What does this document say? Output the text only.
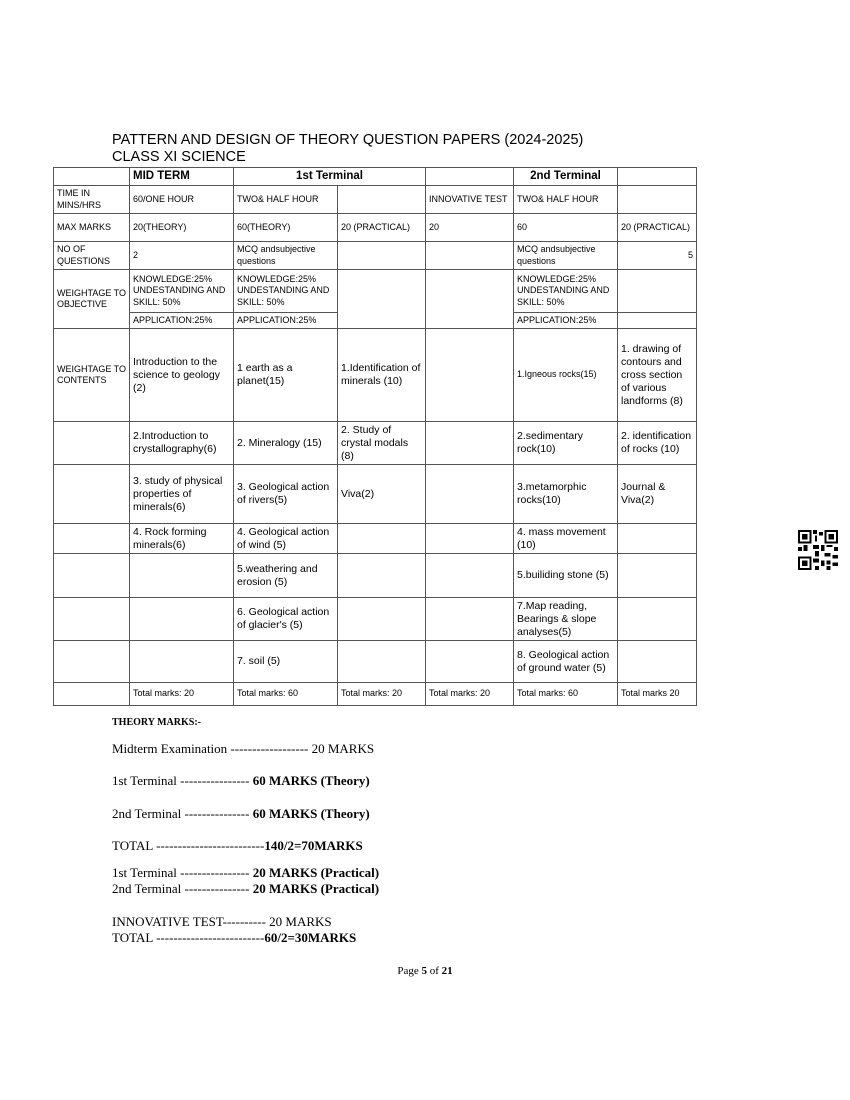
PATTERN AND DESIGN OF THEORY QUESTION PAPERS (2024-2025)
CLASS XI SCIENCE
	MID TERM	1st Terminal			2nd Terminal	
TIME IN MINS/HRS	60/ONE HOUR	TWO& HALF HOUR		INNOVATIVE TEST	TWO& HALF HOUR	
MAX MARKS	20(THEORY)	60(THEORY)	20 (PRACTICAL)	20	60	20 (PRACTICAL)
NO OF QUESTIONS	2	MCQ andsubjective questions			MCQ andsubjective questions	5
WEIGHTAGE TO OBJECTIVE	KNOWLEDGE:25% UNDESTANDING AND SKILL: 50%	KNOWLEDGE:25% UNDESTANDING AND SKILL: 50%			KNOWLEDGE:25% UNDESTANDING AND SKILL: 50%	
	APPLICATION:25%	APPLICATION:25%			APPLICATION:25%	
WEIGHTAGE TO CONTENTS	Introduction to the science to geology (2)	1 earth as a planet(15)	1.Identification of minerals (10)		1.Igneous rocks(15)	1. drawing of contours and cross section of various landforms (8)
	2.Introduction to crystallography(6)	2. Mineralogy (15)	2. Study of crystal modals (8)		2.sedimentary rock(10)	2. identification of rocks (10)
	3. study of physical properties of minerals(6)	3. Geological action of rivers(5)	Viva(2)		3.metamorphic rocks(10)	Journal & Viva(2)
	4. Rock forming minerals(6)	4. Geological action of wind (5)			4. mass movement (10)	
		5.weathering and erosion (5)			5.builiding stone (5)	
		6. Geological action of glacier's (5)			7.Map reading, Bearings & slope analyses(5)	
		7. soil (5)			8. Geological action of ground water (5)	
	Total marks: 20	Total marks: 60	Total marks: 20	Total marks: 20	Total marks: 60	Total marks 20
THEORY MARKS:-
Midterm Examination ------------------ 20 MARKS
1st Terminal ---------------- 60 MARKS (Theory)
2nd Terminal --------------- 60 MARKS (Theory)
TOTAL -------------------------140/2=70MARKS
1st Terminal ---------------- 20 MARKS (Practical)
2nd Terminal --------------- 20 MARKS (Practical)
INNOVATIVE TEST---------- 20 MARKS
TOTAL -------------------------60/2=30MARKS
Page 5 of 21
